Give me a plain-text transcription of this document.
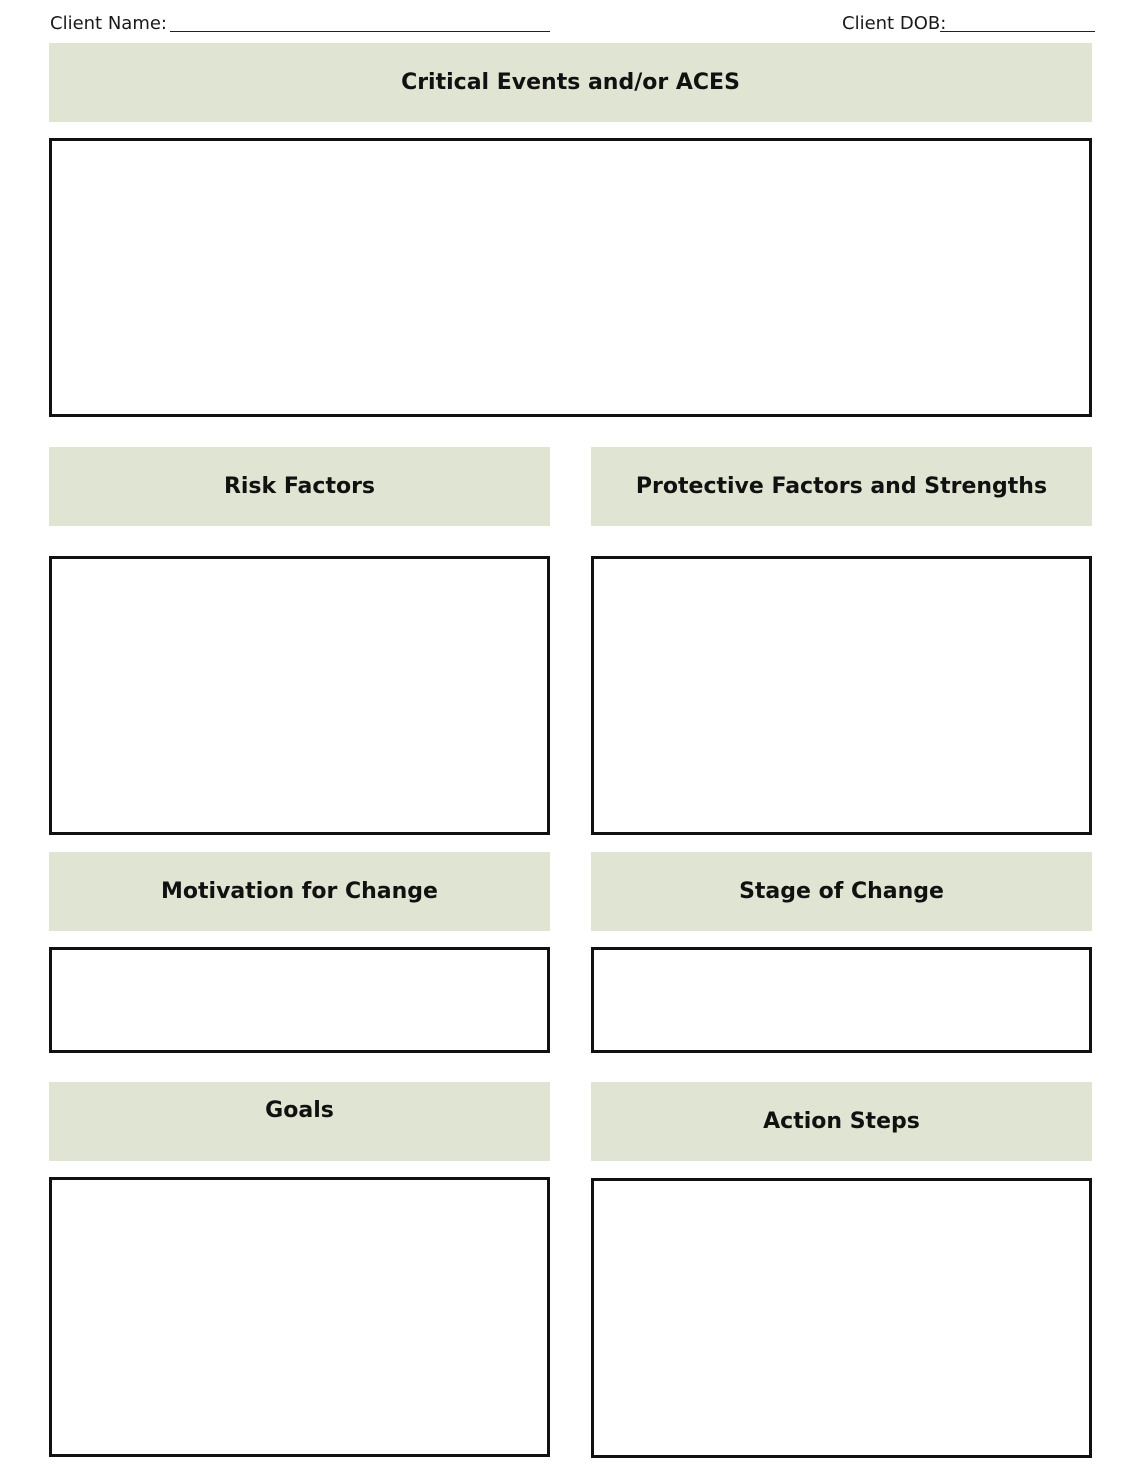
Client Name:	Client DOB:
Critical Events and/or ACES
Risk Factors	Protective Factors and Strengths
Motivation for Change	Stage of Change
Goals	Action Steps
